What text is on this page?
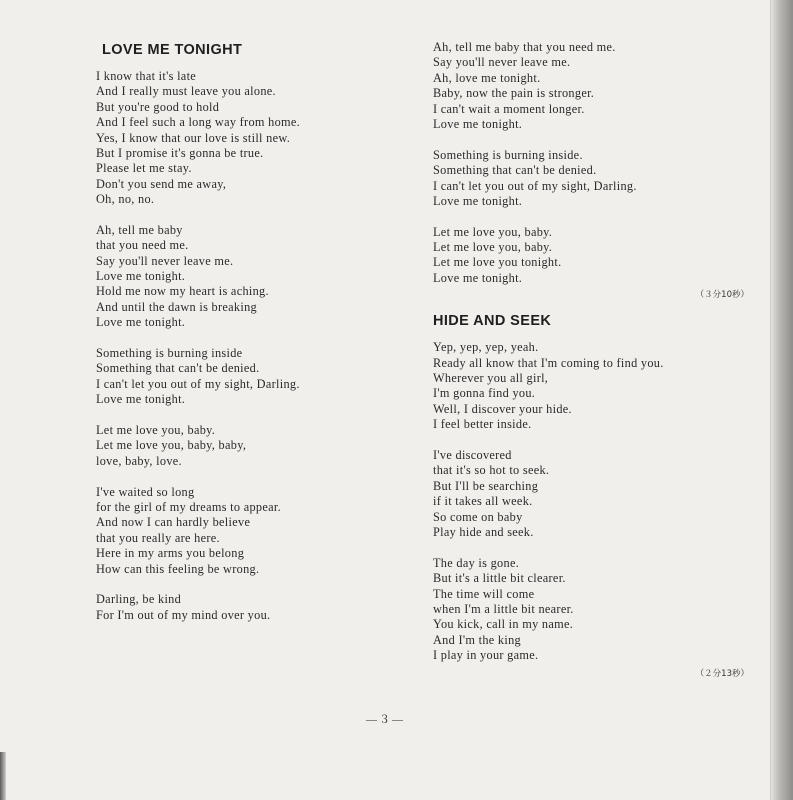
LOVE ME TONIGHT
I know that it's late
And I really must leave you alone.
But you're good to hold
And I feel such a long way from home.
Yes, I know that our love is still new.
But I promise it's gonna be true.
Please let me stay.
Don't you send me away,
Oh, no, no.
Ah, tell me baby
that you need me.
Say you'll never leave me.
Love me tonight.
Hold me now my heart is aching.
And until the dawn is breaking
Love me tonight.
Something is burning inside
Something that can't be denied.
I can't let you out of my sight, Darling.
Love me tonight.
Let me love you, baby.
Let me love you, baby, baby,
love, baby, love.
I've waited so long
for the girl of my dreams to appear.
And now I can hardly believe
that you really are here.
Here in my arms you belong
How can this feeling be wrong.
Darling, be kind
For I'm out of my mind over you.
Ah, tell me baby that you need me.
Say you'll never leave me.
Ah, love me tonight.
Baby, now the pain is stronger.
I can't wait a moment longer.
Love me tonight.
Something is burning inside.
Something that can't be denied.
I can't let you out of my sight, Darling.
Love me tonight.
Let me love you, baby.
Let me love you, baby.
Let me love you tonight.
Love me tonight.
（３分10秒）
HIDE AND SEEK
Yep, yep, yep, yeah.
Ready all know that I'm coming to find you.
Wherever you all girl,
I'm gonna find you.
Well, I discover your hide.
I feel better inside.
I've discovered
that it's so hot to seek.
But I'll be searching
if it takes all week.
So come on baby
Play hide and seek.
The day is gone.
But it's a little bit clearer.
The time will come
when I'm a little bit nearer.
You kick, call in my name.
And I'm the king
I play in your game.
（２分13秒）
—３—
